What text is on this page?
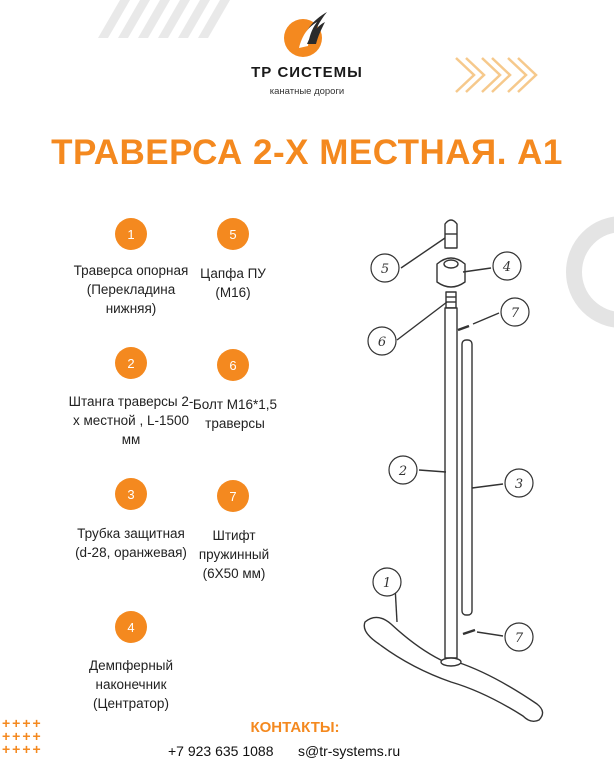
ТР СИСТЕМЫ
канатные дороги
ТРАВЕРСА 2-Х МЕСТНАЯ. А1
1
Траверса опорная (Перекладина нижняя)
2
Штанга траверсы 2-х местной , L-1500 мм
3
Трубка защитная (d-28, оранжевая)
4
Демпферный наконечник (Центратор)
5
Цапфа ПУ (М16)
6
Болт М16*1,5 траверсы
7
Штифт пружинный (6Х50 мм)
5	4
7
6
2
3
1
7
++++
++++
++++
КОНТАКТЫ:
+7 923 635 1088 s@tr-systems.ru
